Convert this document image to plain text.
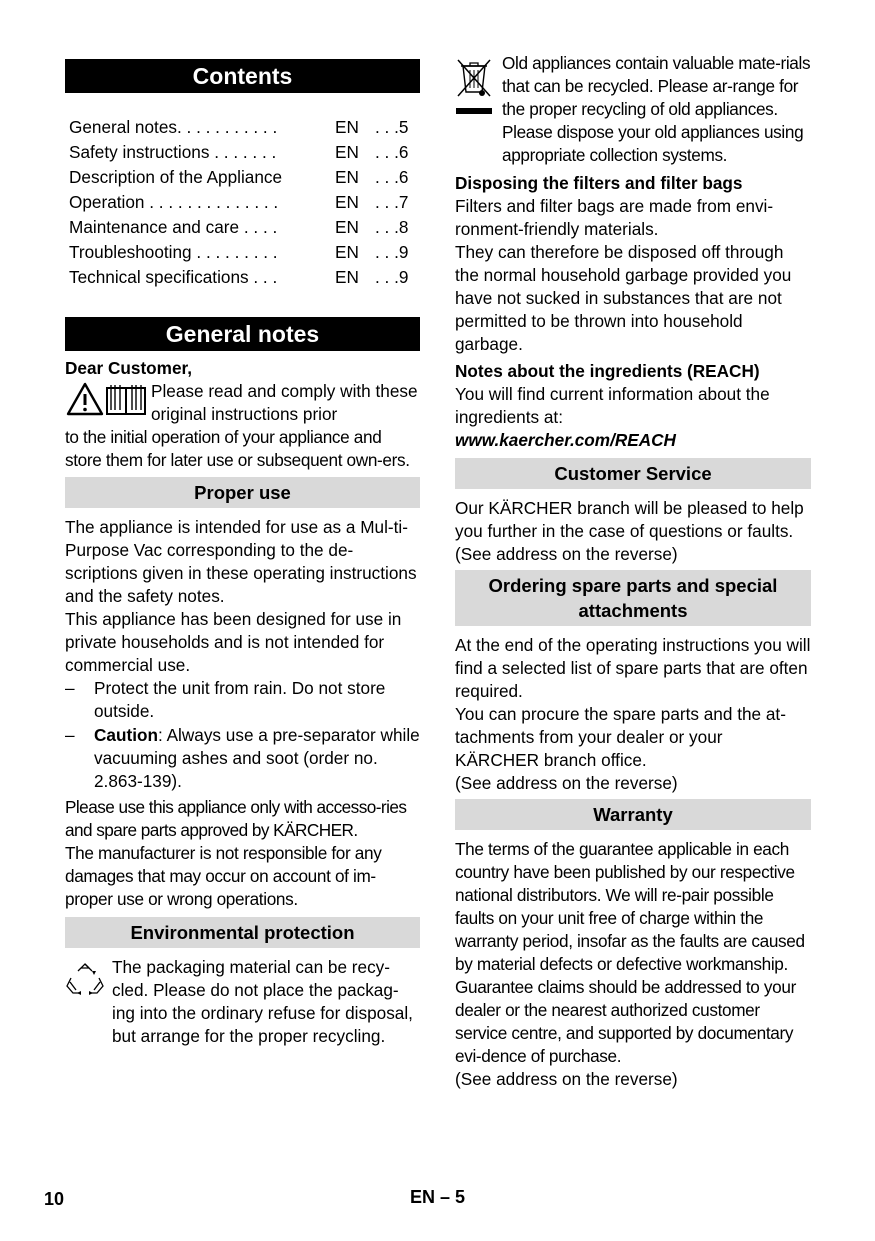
Contents
General notes. . . . . . . . . . .	EN . . .5
Safety instructions . . . . . . .	EN . . .6
Description of the Appliance	EN . . .6
Operation . . . . . . . . . . . . . .	EN . . .7
Maintenance and care . . . .	EN . . .8
Troubleshooting . . . . . . . . .	EN . . .9
Technical specifications . . .	EN . . .9
General notes

Dear Customer,

Please read and comply with these original instructions prior

to the initial operation of your appliance and store them for later use or subsequent own-ers.

Proper use

The appliance is intended for use as a Mul-ti-Purpose Vac corresponding to the de-scriptions given in these operating instructions and the safety notes.

This appliance has been designed for use in private households and is not intended for commercial use.

–	Protect the unit from rain. Do not store outside.
–	Caution: Always use a pre-separator while vacuuming ashes and soot (order no. 2.863-139).

Please use this appliance only with accesso-ries and spare parts approved by KÄRCHER.

The manufacturer is not responsible for any damages that may occur on account of im-proper use or wrong operations.

Environmental protection

The packaging material can be recy-cled. Please do not place the packag-ing into the ordinary refuse for disposal, but arrange for the proper recycling.

Old appliances contain valuable mate-rials that can be recycled. Please ar-range for the proper recycling of old appliances. Please dispose your old appliances using appropriate collection systems.

Disposing the filters and filter bags

Filters and filter bags are made from envi-ronment-friendly materials.

They can therefore be disposed off through the normal household garbage provided you have not sucked in substances that are not permitted to be thrown into household garbage.

Notes about the ingredients (REACH)

You will find current information about the ingredients at:

www.kaercher.com/REACH

Customer Service

Our KÄRCHER branch will be pleased to help you further in the case of questions or faults.

(See address on the reverse)

Ordering spare parts and special attachments

At the end of the operating instructions you will find a selected list of spare parts that are often required.

You can procure the spare parts and the at-tachments from your dealer or your KÄRCHER branch office.

(See address on the reverse)

Warranty

The terms of the guarantee applicable in each country have been published by our respective national distributors. We will re-pair possible faults on your unit free of charge within the warranty period, insofar as the faults are caused by material defects or defective workmanship. Guarantee claims should be addressed to your dealer or the nearest authorized customer service centre, and supported by documentary evi-dence of purchase.

(See address on the reverse)

10	EN – 5
